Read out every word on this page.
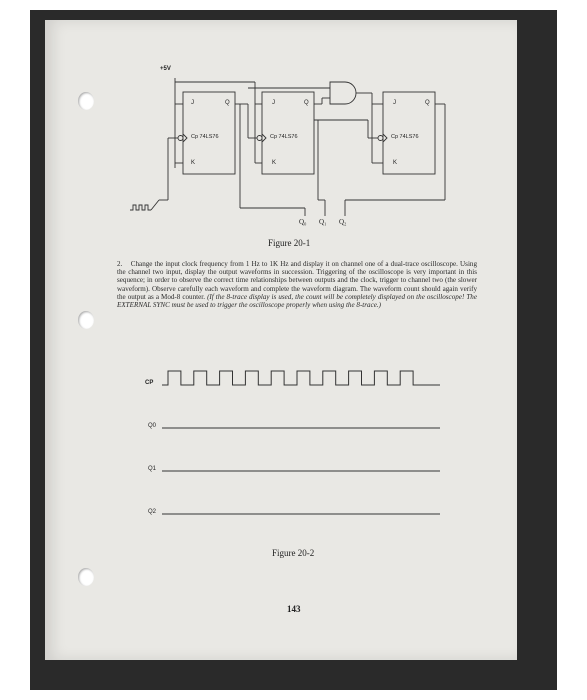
+5V
J	Q
Cp 74LS76
K
J	Q
Cp 74LS76
K
J	Q
Cp 74LS76
K
Q₀ Q₁ Q₂
Figure 20-1
2. Change the input clock frequency from 1 Hz to 1K Hz and display it on channel one of a dual-trace oscilloscope. Using the channel two input, display the output waveforms in succession. Triggering of the oscilloscope is very important in this sequence; in order to observe the correct time relationships between outputs and the clock, trigger to channel two (the slower waveform). Observe carefully each waveform and complete the waveform diagram. The waveform count should again verify the output as a Mod-8 counter. (If the 8-trace display is used, the count will be completely displayed on the oscilloscope! The EXTERNAL SYNC must be used to trigger the oscilloscope properly when using the 8-trace.)
CP
Q0
Q1
Q2
Figure 20-2
143
